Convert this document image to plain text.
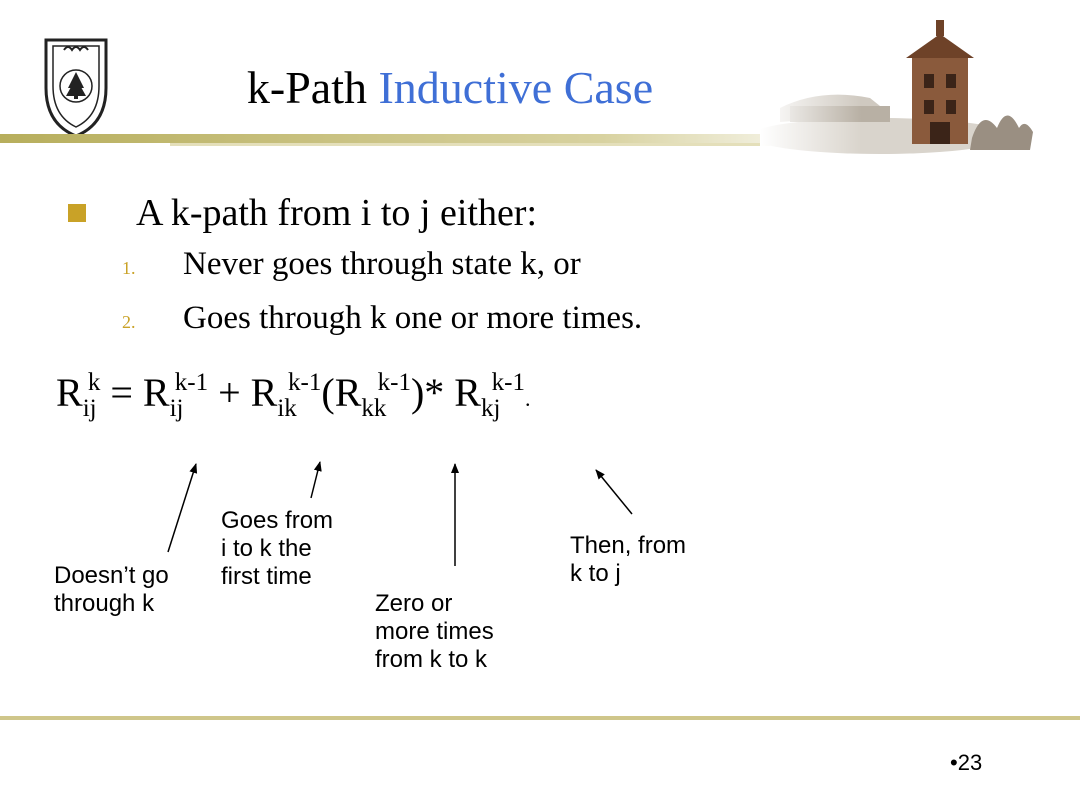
k-Path Inductive Case
A k-path from i to j either:
1. Never goes through state k, or
2. Goes through k one or more times.
$R_{ij}^k = R_{ij}^{k-1} + R_{ik}^{k-1}(R_{kk}^{k-1})*$ $R_{kj}^{k-1}$.
Doesn’t go
through k
Goes from
i to k the
first time
Zero or
more times
from k to k
Then, from
k to j
•23
